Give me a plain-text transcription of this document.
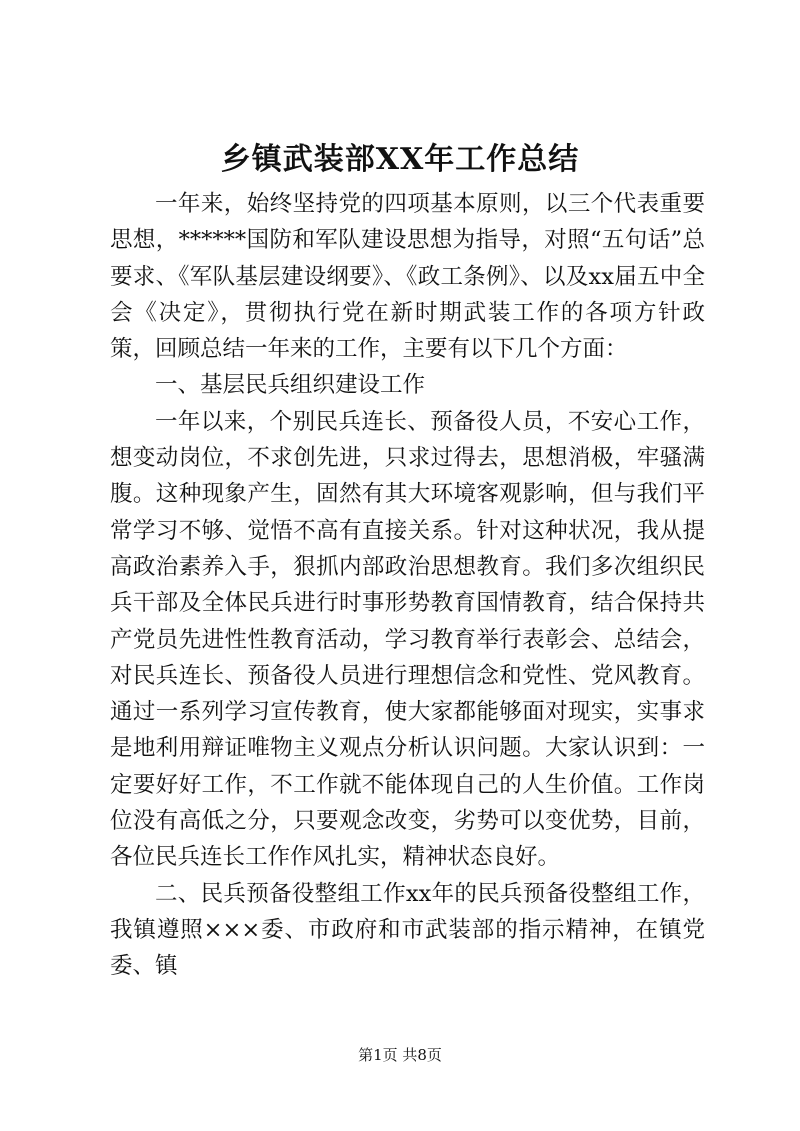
乡镇武装部XX年工作总结

一年来，始终坚持党的四项基本原则，以三个代表重要思想，******国防和军队建设思想为指导，对照“五句话”总要求、《军队基层建设纲要》、《政工条例》、以及xx届五中全会《决定》，贯彻执行党在新时期武装工作的各项方针政策，回顾总结一年来的工作，主要有以下几个方面：

一、基层民兵组织建设工作

一年以来，个别民兵连长、预备役人员，不安心工作，想变动岗位，不求创先进，只求过得去，思想消极，牢骚满腹。这种现象产生，固然有其大环境客观影响，但与我们平常学习不够、觉悟不高有直接关系。针对这种状况，我从提高政治素养入手，狠抓内部政治思想教育。我们多次组织民兵干部及全体民兵进行时事形势教育国情教育，结合保持共产党员先进性性教育活动，学习教育举行表彰会、总结会，对民兵连长、预备役人员进行理想信念和党性、党风教育。通过一系列学习宣传教育，使大家都能够面对现实，实事求是地利用辩证唯物主义观点分析认识问题。大家认识到：一定要好好工作，不工作就不能体现自己的人生价值。工作岗位没有高低之分，只要观念改变，劣势可以变优势，目前，各位民兵连长工作作风扎实，精神状态良好。

二、民兵预备役整组工作xx年的民兵预备役整组工作，我镇遵照×××委、市政府和市武装部的指示精神，在镇党委、镇

第1页 共8页
